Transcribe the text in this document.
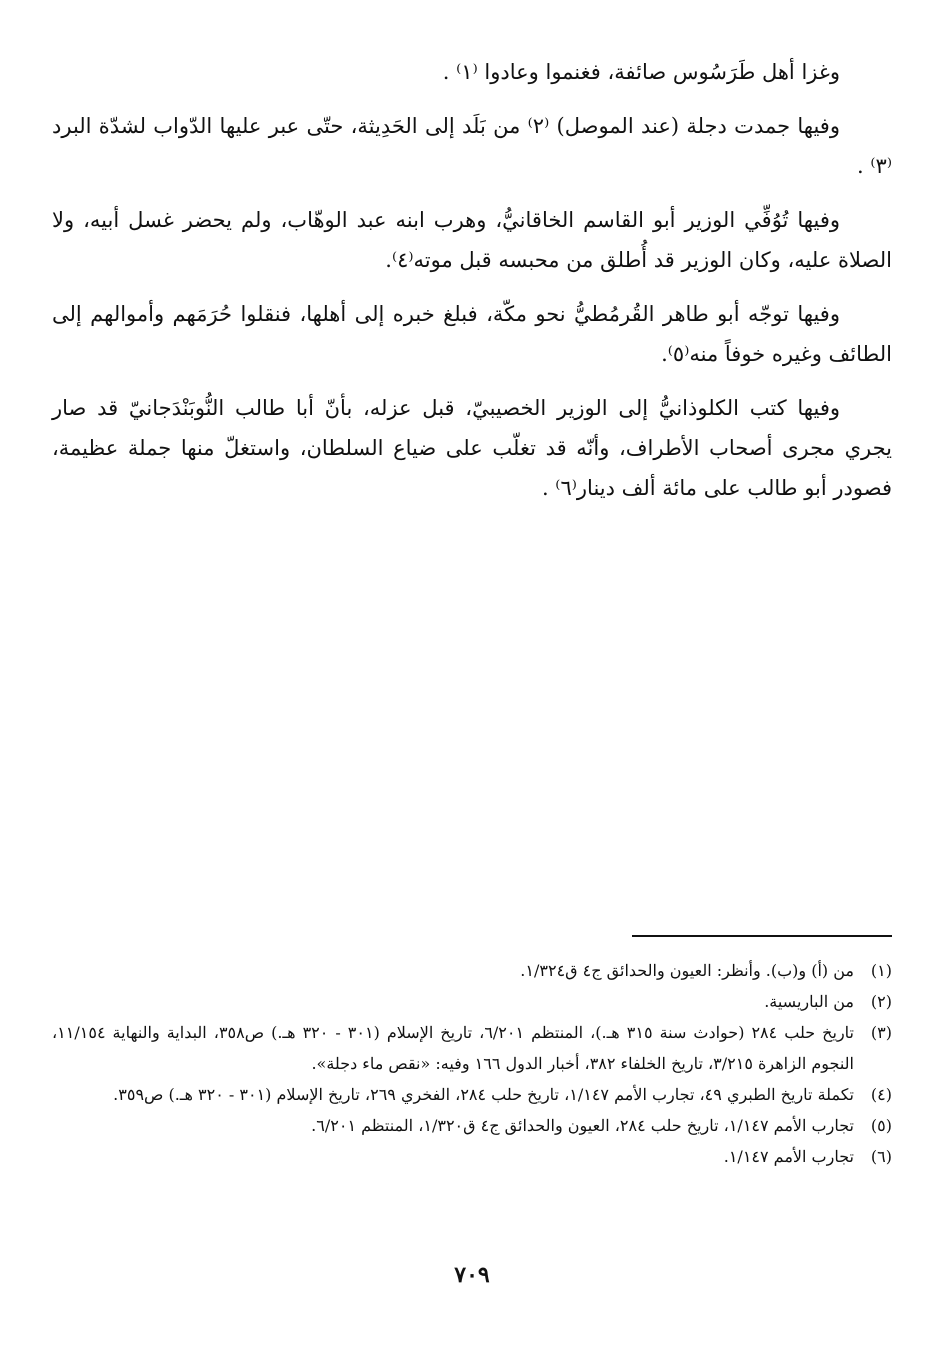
وغزا أهل طَرَسُوس صائفة، فغنموا وعادوا ⁽١⁾ .

وفيها جمدت دجلة (عند الموصل) ⁽٢⁾ من بَلَد إلى الحَدِيثة، حتّى عبر عليها الدّواب لشدّة البرد ⁽٣⁾ .

وفيها تُوُفِّي الوزير أبو القاسم الخاقانيُّ، وهرب ابنه عبد الوهّاب، ولم يحضر غسل أبيه، ولا الصلاة عليه، وكان الوزير قد أُطلق من محبسه قبل موته⁽٤⁾.

وفيها توجّه أبو طاهر القُرمُطيُّ نحو مكّة، فبلغ خبره إلى أهلها، فنقلوا حُرَمَهم وأموالهم إلى الطائف وغيره خوفاً منه⁽٥⁾.

وفيها كتب الكلوذانيُّ إلى الوزير الخصيبيّ، قبل عزله، بأنّ أبا طالب النُّوبَنْدَجانيّ قد صار يجري مجرى أصحاب الأطراف، وأنّه قد تغلّب على ضياع السلطان، واستغلّ منها جملة عظيمة، فصودر أبو طالب على مائة ألف دينار⁽٦⁾ .

(١)
من (أ) و(ب). وأنظر: العيون والحدائق ج٤ ق١/٣٢٤.
(٢)
من الباريسية.
(٣)
تاريخ حلب ٢٨٤ (حوادث سنة ٣١٥ هـ.)، المنتظم ٦/٢٠١، تاريخ الإسلام (٣٠١ - ٣٢٠ هـ.) ص٣٥٨، البداية والنهاية ١١/١٥٤، النجوم الزاهرة ٣/٢١٥، تاريخ الخلفاء ٣٨٢، أخبار الدول ١٦٦ وفيه: «نقص ماء دجلة».
(٤)
تكملة تاريخ الطبري ٤٩، تجارب الأمم ١/١٤٧، تاريخ حلب ٢٨٤، الفخري ٢٦٩، تاريخ الإسلام (٣٠١ - ٣٢٠ هـ.) ص٣٥٩.
(٥)
تجارب الأمم ١/١٤٧، تاريخ حلب ٢٨٤، العيون والحدائق ج٤ ق١/٣٢٠، المنتظم ٦/٢٠١.
(٦)
تجارب الأمم ١/١٤٧.
٧٠٩
